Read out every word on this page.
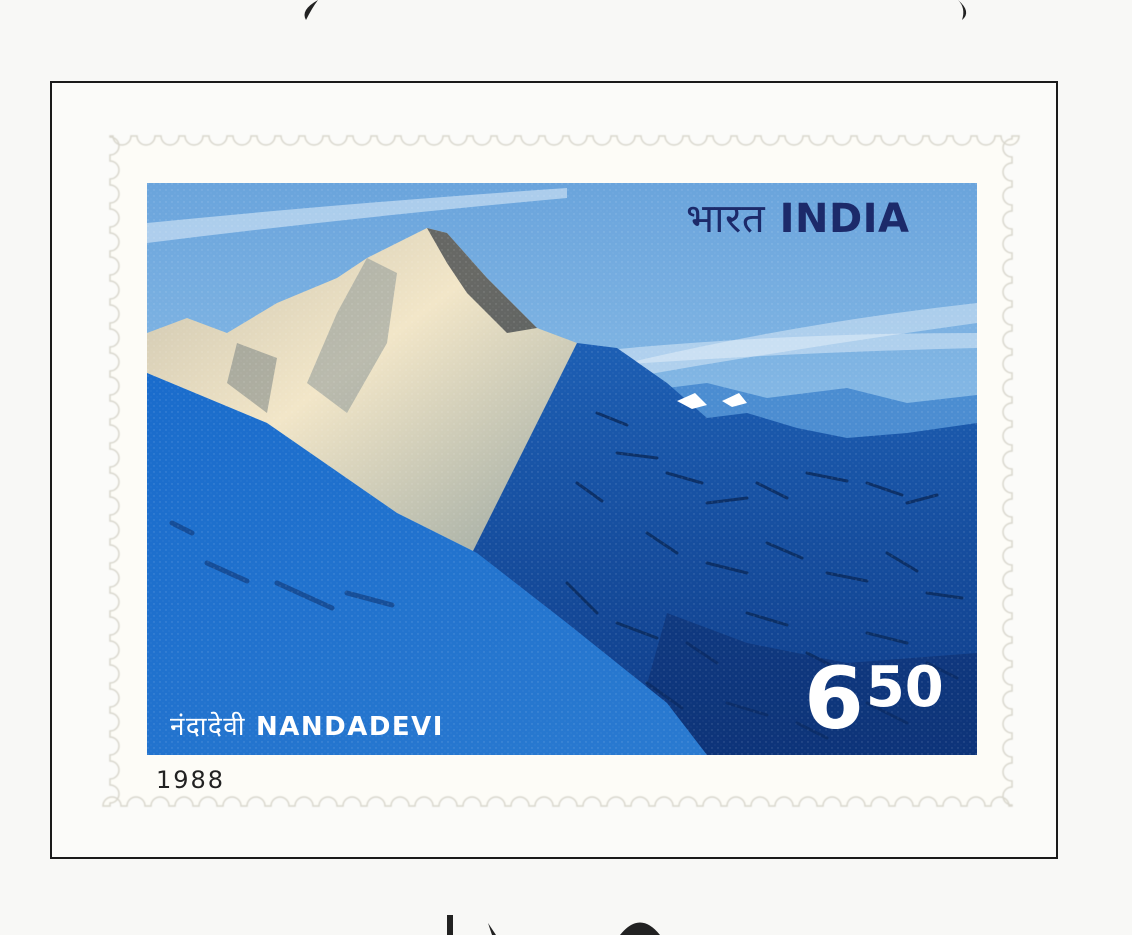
भारत INDIA
नंदादेवी NANDADEVI	650
1988
